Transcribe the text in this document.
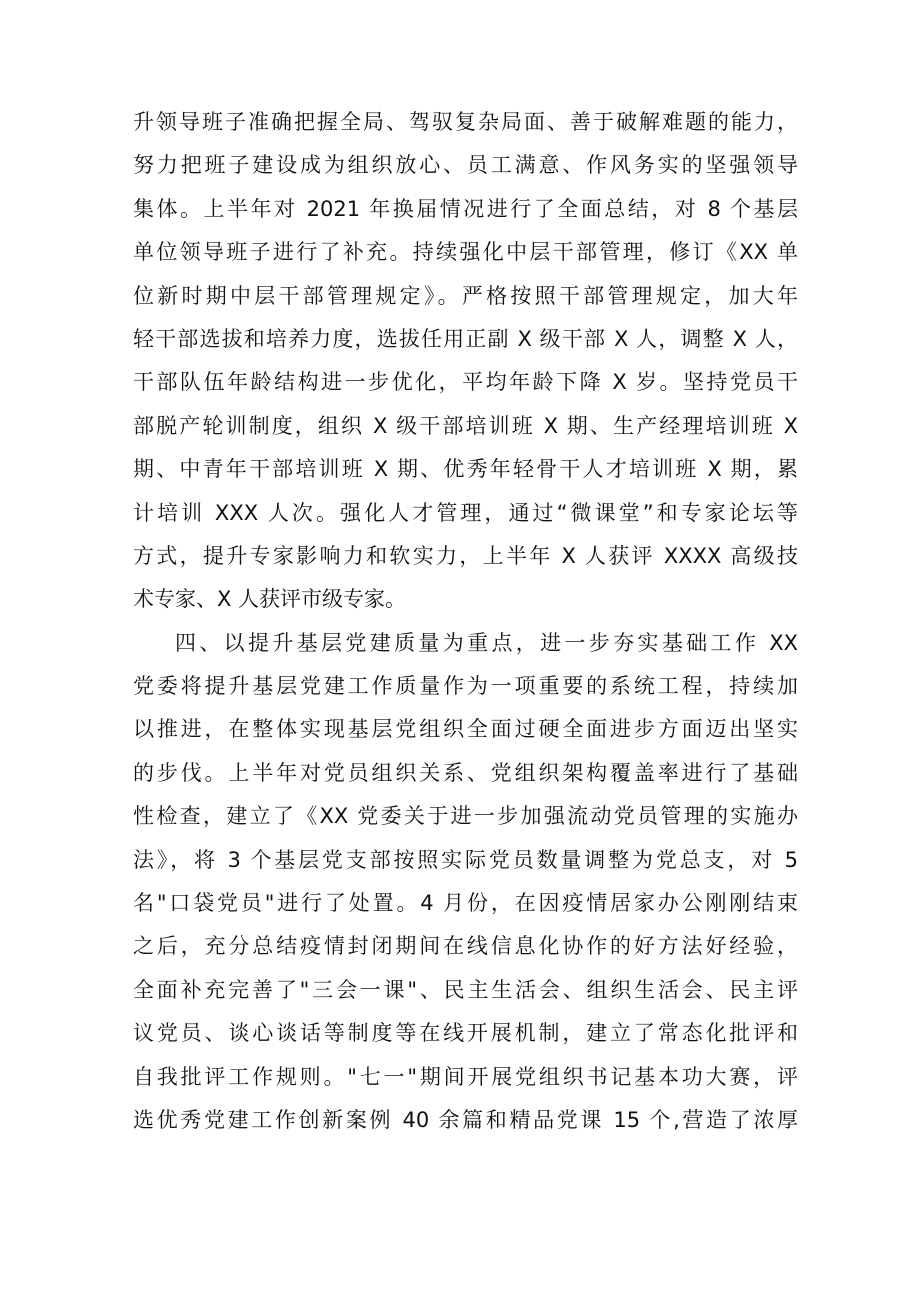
升领导班子准确把握全局、驾驭复杂局面、善于破解难题的能力，
努力把班子建设成为组织放心、员工满意、作风务实的坚强领导
集体。上半年对 2021 年换届情况进行了全面总结，对 8 个基层
单位领导班子进行了补充。持续强化中层干部管理，修订《XX 单
位新时期中层干部管理规定》。严格按照干部管理规定，加大年
轻干部选拔和培养力度，选拔任用正副 X 级干部 X 人，调整 X 人，
干部队伍年龄结构进一步优化，平均年龄下降 X 岁。坚持党员干
部脱产轮训制度，组织 X 级干部培训班 X 期、生产经理培训班 X
期、中青年干部培训班 X 期、优秀年轻骨干人才培训班 X 期，累
计培训 XXX 人次。强化人才管理，通过“微课堂”和专家论坛等
方式，提升专家影响力和软实力，上半年 X 人获评 XXXX 高级技
术专家、X 人获评市级专家。
四、以提升基层党建质量为重点，进一步夯实基础工作 XX
党委将提升基层党建工作质量作为一项重要的系统工程，持续加
以推进，在整体实现基层党组织全面过硬全面进步方面迈出坚实
的步伐。上半年对党员组织关系、党组织架构覆盖率进行了基础
性检查，建立了《XX 党委关于进一步加强流动党员管理的实施办
法》，将 3 个基层党支部按照实际党员数量调整为党总支，对 5
名"口袋党员"进行了处置。4 月份，在因疫情居家办公刚刚结束
之后，充分总结疫情封闭期间在线信息化协作的好方法好经验，
全面补充完善了"三会一课"、民主生活会、组织生活会、民主评
议党员、谈心谈话等制度等在线开展机制，建立了常态化批评和
自我批评工作规则。"七一"期间开展党组织书记基本功大赛，评
选优秀党建工作创新案例 40 余篇和精品党课 15 个,营造了浓厚
